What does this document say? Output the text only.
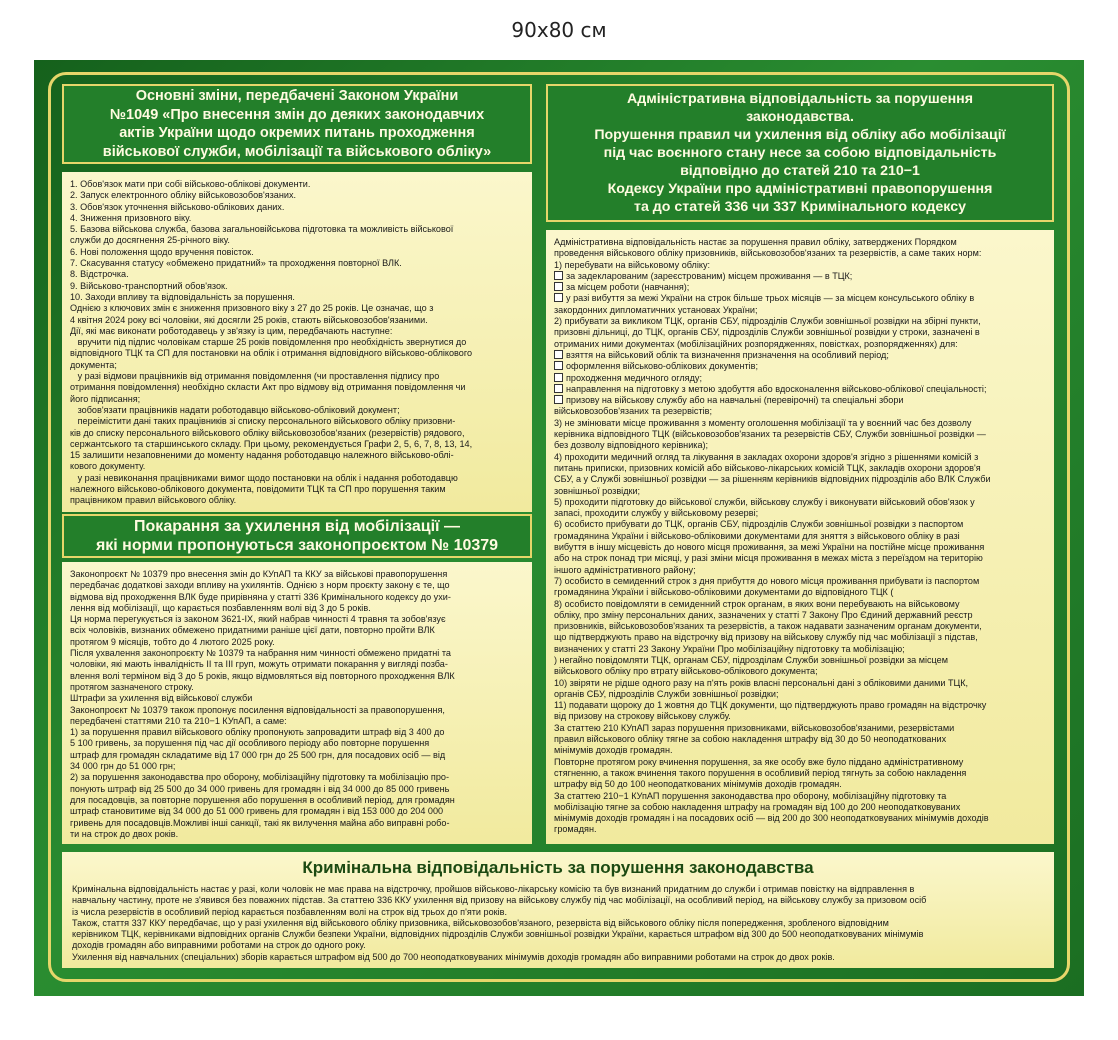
90x80 см
Основні зміни, передбачені Законом України
№1049 «Про внесення змін до деяких законодавчих
актів України щодо окремих питань проходження
військової служби, мобілізації та військового обліку»
1. Обов'язок мати при собі військово-облікові документи.
2. Запуск електронного обліку військовозобов'язаних.
3. Обов'язок уточнення військово-облікових даних.
4. Зниження призовного віку.
5. Базова військова служба, базова загальновійськова підготовка та можливість військової
служби до досягнення 25-річного віку.
6. Нові положення щодо вручення повісток.
7. Скасування статусу «обмежено придатний» та проходження повторної ВЛК.
8. Відстрочка.
9. Військово-транспортний обов'язок.
10. Заходи впливу та відповідальність за порушення.
Однією з ключових змін є зниження призовного віку з 27 до 25 років. Це означає, що з
4 квітня 2024 року всі чоловіки, які досягли 25 років, стають військовозобов'язаними.
Дії, які має виконати роботодавець у зв'язку із цим, передбачають наступне:
вручити під підпис чоловікам старше 25 років повідомлення про необхідність звернутися до
відповідного ТЦК та СП для постановки на облік і отримання відповідного військово-облікового
документа;
у разі відмови працівників від отримання повідомлення (чи проставлення підпису про
отримання повідомлення) необхідно скласти Акт про відмову від отримання повідомлення чи
його підписання;
зобов'язати працівників надати роботодавцю військово-обліковий документ;
переімістити дані таких працівників зі списку персонального військового обліку призовни-
ків до списку персонального військового обліку військовозобов'язаних (резервістів) рядового,
сержантського та старшинського складу. При цьому, рекомендується Графи 2, 5, 6, 7, 8, 13, 14,
15 залишити незаповненими до моменту надання роботодавцю належного військово-облі-
кового документу.
у разі невиконання працівниками вимог щодо постановки на облік і надання роботодавцю
належного військово-облікового документа, повідомити ТЦК та СП про порушення таким
працівником правил військового обліку.
Покарання за ухилення від мобілізації —
які норми пропонуються законопроєктом № 10379
Законопроєкт № 10379 про внесення змін до КУпАП та ККУ за військові правопорушення
передбачає додаткові заходи впливу на ухилянтів. Однією з норм проєкту закону є те, що
відмова від проходження ВЛК буде прирівняна у статті 336 Кримінального кодексу до ухи-
лення від мобілізації, що карається позбавленням волі від 3 до 5 років.
Ця норма перегукується із законом 3621-IX, який набрав чинності 4 травня та зобов'язує
всіх чоловіків, визнаних обмежено придатними раніше цієї дати, повторно пройти ВЛК
протягом 9 місяців, тобто до 4 лютого 2025 року.
Після ухвалення законопроєкту № 10379 та набрання ним чинності обмежено придатні та
чоловіки, які мають інвалідність II та III груп, можуть отримати покарання у вигляді позба-
влення волі терміном від 3 до 5 років, якщо відмовляться від повторного проходження ВЛК
протягом зазначеного строку.
Штрафи за ухилення від військової служби
Законопроєкт № 10379 також пропонує посилення відповідальності за правопорушення,
передбачені статтями 210 та 210−1 КУпАП, а саме:
1) за порушення правил військового обліку пропонують запровадити штраф від 3 400 до
5 100 гривень, за порушення під час дії особливого періоду або повторне порушення
штраф для громадян складатиме від 17 000 грн до 25 500 грн, для посадових осіб — від
34 000 грн до 51 000 грн;
2) за порушення законодавства про оборону, мобілізаційну підготовку та мобілізацію про-
понують штраф від 25 500 до 34 000 гривень для громадян і від 34 000 до 85 000 гривень
для посадовців, за повторне порушення або порушення в особливий період, для громадян
штраф становитиме від 34 000 до 51 000 гривень для громадян і від 153 000 до 204 000
гривень для посадовців.Можливі інші санкції, такі як вилучення майна або виправні робо-
ти на строк до двох років.
Адміністративна відповідальність за порушення
законодавства.
Порушення правил чи ухилення від обліку або мобілізації
під час воєнного стану несе за собою відповідальність
відповідно до статей 210 та 210−1
Кодексу України про адміністративні правопорушення
та до статей 336 чи 337 Кримінального кодексу
Адміністративна відповідальність настає за порушення правил обліку, затверджених Порядком
проведення військового обліку призовників, військовозобов'язаних та резервістів, а саме таких норм:
1) перебувати на військовому обліку:
за задекларованим (зареєстрованим) місцем проживання — в ТЦК;
за місцем роботи (навчання);
у разі вибуття за межі України на строк більше трьох місяців — за місцем консульського обліку в
закордонних дипломатичних установах України;
2) прибувати за викликом ТЦК, органів СБУ, підрозділів Служби зовнішньої розвідки на збірні пункти,
призовні дільниці, до ТЦК, органів СБУ, підрозділів Служби зовнішньої розвідки у строки, зазначені в
отриманих ними документах (мобілізаційних розпорядженнях, повістках, розпорядженнях) для:
взяття на військовий облік та визначення призначення на особливий період;
оформлення військово-облікових документів;
проходження медичного огляду;
направлення на підготовку з метою здобуття або вдосконалення військово-облікової спеціальності;
призову на військову службу або на навчальні (перевірочні) та спеціальні збори
військовозобов'язаних та резервістів;
3) не змінювати місце проживання з моменту оголошення мобілізації та у воєнний час без дозволу
керівника відповідного ТЦК (військовозобов'язаних та резервістів СБУ, Служби зовнішньої розвідки —
без дозволу відповідного керівника);
4) проходити медичний огляд та лікування в закладах охорони здоров'я згідно з рішеннями комісій з
питань приписки, призовних комісій або військово-лікарських комісій ТЦК, закладів охорони здоров'я
СБУ, а у Службі зовнішньої розвідки — за рішенням керівників відповідних підрозділів або ВЛК Служби
зовнішньої розвідки;
5) проходити підготовку до військової служби, військову службу і виконувати військовий обов'язок у
запасі, проходити службу у військовому резерві;
6) особисто прибувати до ТЦК, органів СБУ, підрозділів Служби зовнішньої розвідки з паспортом
громадянина України і військово-обліковими документами для зняття з військового обліку в разі
вибуття в іншу місцевість до нового місця проживання, за межі України на постійне місце проживання
або на строк понад три місяці, у разі зміни місця проживання в межах міста з переїздом на територію
іншого адміністративного району;
7) особисто в семиденний строк з дня прибуття до нового місця проживання прибувати із паспортом
громадянина України і військово-обліковими документами до відповідного ТЦК (
8) особисто повідомляти в семиденний строк органам, в яких вони перебувають на військовому
обліку, про зміну персональних даних, зазначених у статті 7 Закону Про Єдиний державний реєстр
призовників, військовозобов'язаних та резервістів, а також надавати зазначеним органам документи,
що підтверджують право на відстрочку від призову на військову службу під час мобілізації з підстав,
визначених у статті 23 Закону України Про мобілізаційну підготовку та мобілізацію;
) негайно повідомляти ТЦК, органам СБУ, підрозділам Служби зовнішньої розвідки за місцем
військового обліку про втрату військово-облікового документа;
10) звіряти не рідше одного разу на п'ять років власні персональні дані з обліковими даними ТЦК,
органів СБУ, підрозділів Служби зовнішньої розвідки;
11) подавати щороку до 1 жовтня до ТЦК документи, що підтверджують право громадян на відстрочку
від призову на строкову військову службу.
За статтею 210 КУпАП зараз порушення призовниками, військовозобов'язаними, резервістами
правил військового обліку тягне за собою накладення штрафу від 30 до 50 неоподаткованих
мінімумів доходів громадян.
Повторне протягом року вчинення порушення, за яке особу вже було піддано адміністративному
стягненню, а також вчинення такого порушення в особливий період тягнуть за собою накладення
штрафу від 50 до 100 неоподаткованих мінімумів доходів громадян.
За статтею 210−1 КУпАП порушення законодавства про оборону, мобілізаційну підготовку та
мобілізацію тягне за собою накладення штрафу на громадян від 100 до 200 неоподатковуваних
мінімумів доходів громадян і на посадових осіб — від 200 до 300 неоподатковуваних мінімумів доходів
громадян.
Кримінальна відповідальність за порушення законодавства
Кримінальна відповідальність настає у разі, коли чоловік не має права на відстрочку, пройшов військово-лікарську комісію та був визнаний придатним до служби і отримав повістку на відправлення в
навчальну частину, проте не з'явився без поважних підстав. За статтею 336 ККУ ухилення від призову на військову службу під час мобілізації, на особливий період, на військову службу за призовом осіб
із числа резервістів в особливий період карається позбавленням волі на строк від трьох до п'яти років.
Також, стаття 337 ККУ передбачає, що у разі ухилення від військового обліку призовника, військовозобов'язаного, резервіста від військового обліку після попередження, зробленого відповідним
керівником ТЦК, керівниками відповідних органів Служби безпеки України, відповідних підрозділів Служби зовнішньої розвідки України, карається штрафом від 300 до 500 неоподатковуваних мінімумів
доходів громадян або виправними роботами на строк до одного року.
Ухилення від навчальних (спеціальних) зборів карається штрафом від 500 до 700 неоподатковуваних мінімумів доходів громадян або виправними роботами на строк до двох років.
